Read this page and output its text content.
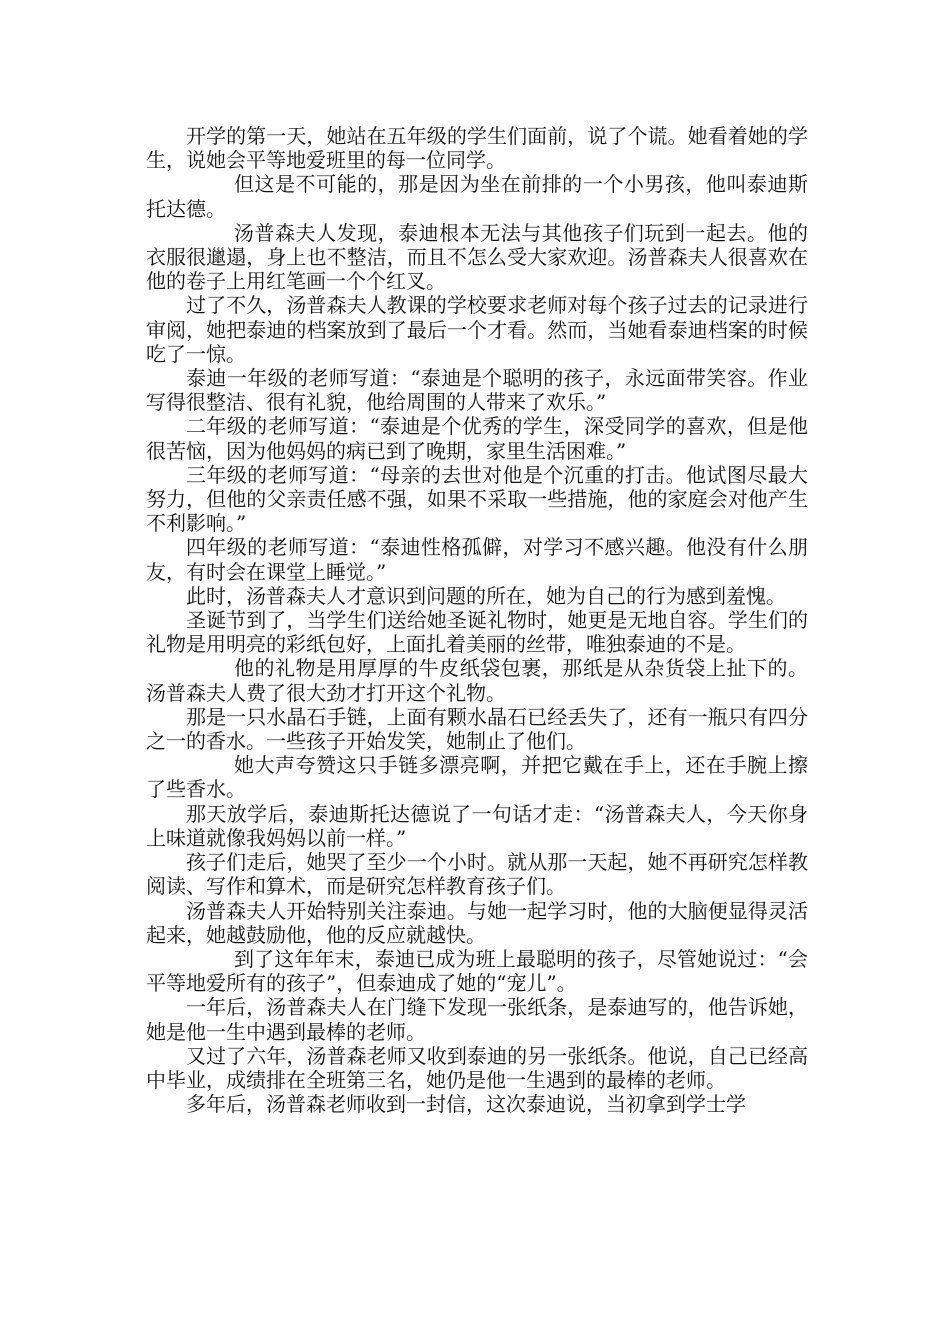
开学的第一天，她站在五年级的学生们面前，说了个谎。她看着她的学生，说她会平等地爱班里的每一位同学。

但这是不可能的，那是因为坐在前排的一个小男孩，他叫泰迪斯托达德。

汤普森夫人发现，泰迪根本无法与其他孩子们玩到一起去。他的衣服很邋遢，身上也不整洁，而且不怎么受大家欢迎。汤普森夫人很喜欢在他的卷子上用红笔画一个个红叉。

过了不久，汤普森夫人教课的学校要求老师对每个孩子过去的记录进行审阅，她把泰迪的档案放到了最后一个才看。然而，当她看泰迪档案的时候吃了一惊。

泰迪一年级的老师写道：“泰迪是个聪明的孩子，永远面带笑容。作业写得很整洁、很有礼貌，他给周围的人带来了欢乐。”

二年级的老师写道：“泰迪是个优秀的学生，深受同学的喜欢，但是他很苦恼，因为他妈妈的病已到了晚期，家里生活困难。”

三年级的老师写道：“母亲的去世对他是个沉重的打击。他试图尽最大努力，但他的父亲责任感不强，如果不采取一些措施，他的家庭会对他产生不利影响。”

四年级的老师写道：“泰迪性格孤僻，对学习不感兴趣。他没有什么朋友，有时会在课堂上睡觉。”

此时，汤普森夫人才意识到问题的所在，她为自己的行为感到羞愧。

圣诞节到了，当学生们送给她圣诞礼物时，她更是无地自容。学生们的礼物是用明亮的彩纸包好，上面扎着美丽的丝带，唯独泰迪的不是。

他的礼物是用厚厚的牛皮纸袋包裹，那纸是从杂货袋上扯下的。汤普森夫人费了很大劲才打开这个礼物。

那是一只水晶石手链，上面有颗水晶石已经丢失了，还有一瓶只有四分之一的香水。一些孩子开始发笑，她制止了他们。

她大声夸赞这只手链多漂亮啊，并把它戴在手上，还在手腕上擦了些香水。

那天放学后，泰迪斯托达德说了一句话才走：“汤普森夫人，今天你身上味道就像我妈妈以前一样。”

孩子们走后，她哭了至少一个小时。就从那一天起，她不再研究怎样教阅读、写作和算术，而是研究怎样教育孩子们。

汤普森夫人开始特别关注泰迪。与她一起学习时，他的大脑便显得灵活起来，她越鼓励他，他的反应就越快。

到了这年年末，泰迪已成为班上最聪明的孩子，尽管她说过：“会平等地爱所有的孩子”，但泰迪成了她的“宠儿”。

一年后，汤普森夫人在门缝下发现一张纸条，是泰迪写的，他告诉她，她是他一生中遇到最棒的老师。

又过了六年，汤普森老师又收到泰迪的另一张纸条。他说，自己已经高中毕业，成绩排在全班第三名，她仍是他一生遇到的最棒的老师。

多年后，汤普森老师收到一封信，这次泰迪说，当初拿到学士学
